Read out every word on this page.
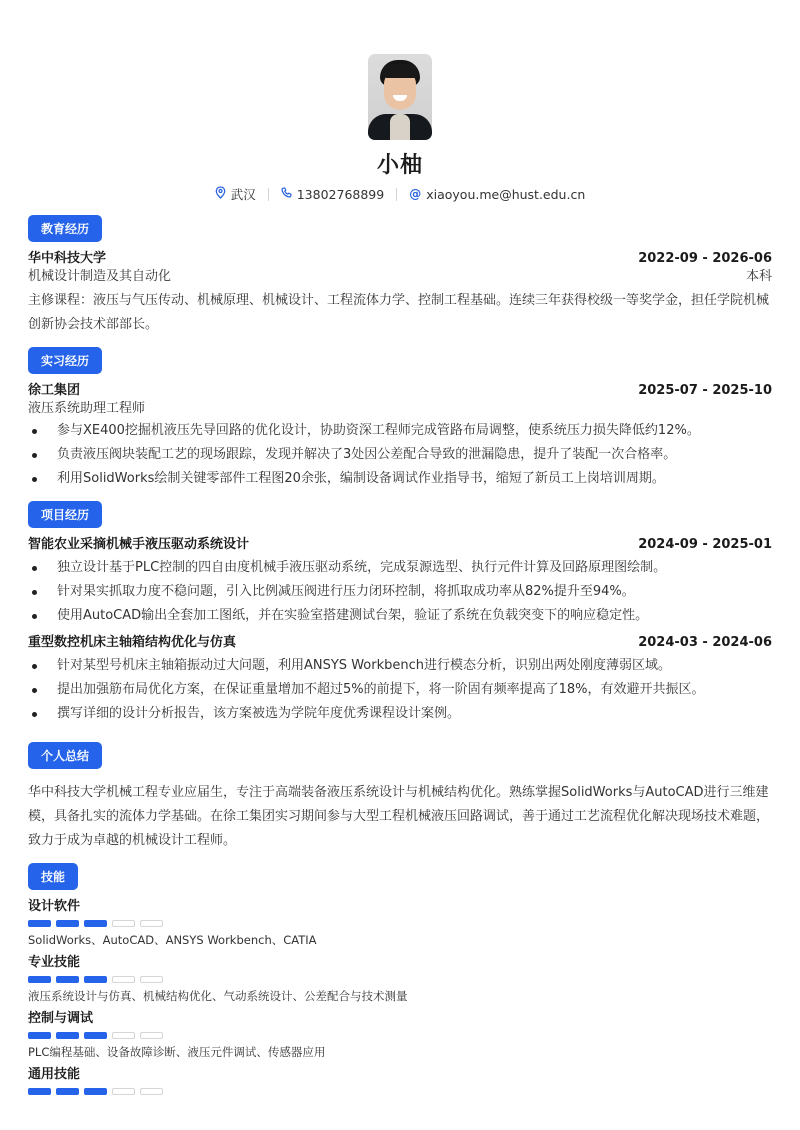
小柚
武汉	13802768899 @ xiaoyou.me@hust.edu.cn
教育经历
华中科技大学	2022-09 - 2026-06
机械设计制造及其自动化	本科
主修课程：液压与气压传动、机械原理、机械设计、工程流体力学、控制工程基础。连续三年获得校级一等奖学金，担任学院机械创新协会技术部部长。
实习经历
徐工集团	2025-07 - 2025-10
液压系统助理工程师
参与XE400挖掘机液压先导回路的优化设计，协助资深工程师完成管路布局调整，使系统压力损失降低约12%。
负责液压阀块装配工艺的现场跟踪，发现并解决了3处因公差配合导致的泄漏隐患，提升了装配一次合格率。
利用SolidWorks绘制关键零部件工程图20余张，编制设备调试作业指导书，缩短了新员工上岗培训周期。
项目经历
智能农业采摘机械手液压驱动系统设计	2024-09 - 2025-01
独立设计基于PLC控制的四自由度机械手液压驱动系统，完成泵源选型、执行元件计算及回路原理图绘制。
针对果实抓取力度不稳问题，引入比例减压阀进行压力闭环控制，将抓取成功率从82%提升至94%。
使用AutoCAD输出全套加工图纸，并在实验室搭建测试台架，验证了系统在负载突变下的响应稳定性。
重型数控机床主轴箱结构优化与仿真	2024-03 - 2024-06
针对某型号机床主轴箱振动过大问题，利用ANSYS Workbench进行模态分析，识别出两处刚度薄弱区域。
提出加强筋布局优化方案，在保证重量增加不超过5%的前提下，将一阶固有频率提高了18%，有效避开共振区。
撰写详细的设计分析报告，该方案被选为学院年度优秀课程设计案例。
个人总结
华中科技大学机械工程专业应届生，专注于高端装备液压系统设计与机械结构优化。熟练掌握SolidWorks与AutoCAD进行三维建模，具备扎实的流体力学基础。在徐工集团实习期间参与大型工程机械液压回路调试，善于通过工艺流程优化解决现场技术难题，致力于成为卓越的机械设计工程师。
技能
设计软件
SolidWorks、AutoCAD、ANSYS Workbench、CATIA
专业技能
液压系统设计与仿真、机械结构优化、气动系统设计、公差配合与技术测量
控制与调试
PLC编程基础、设备故障诊断、液压元件调试、传感器应用
通用技能
